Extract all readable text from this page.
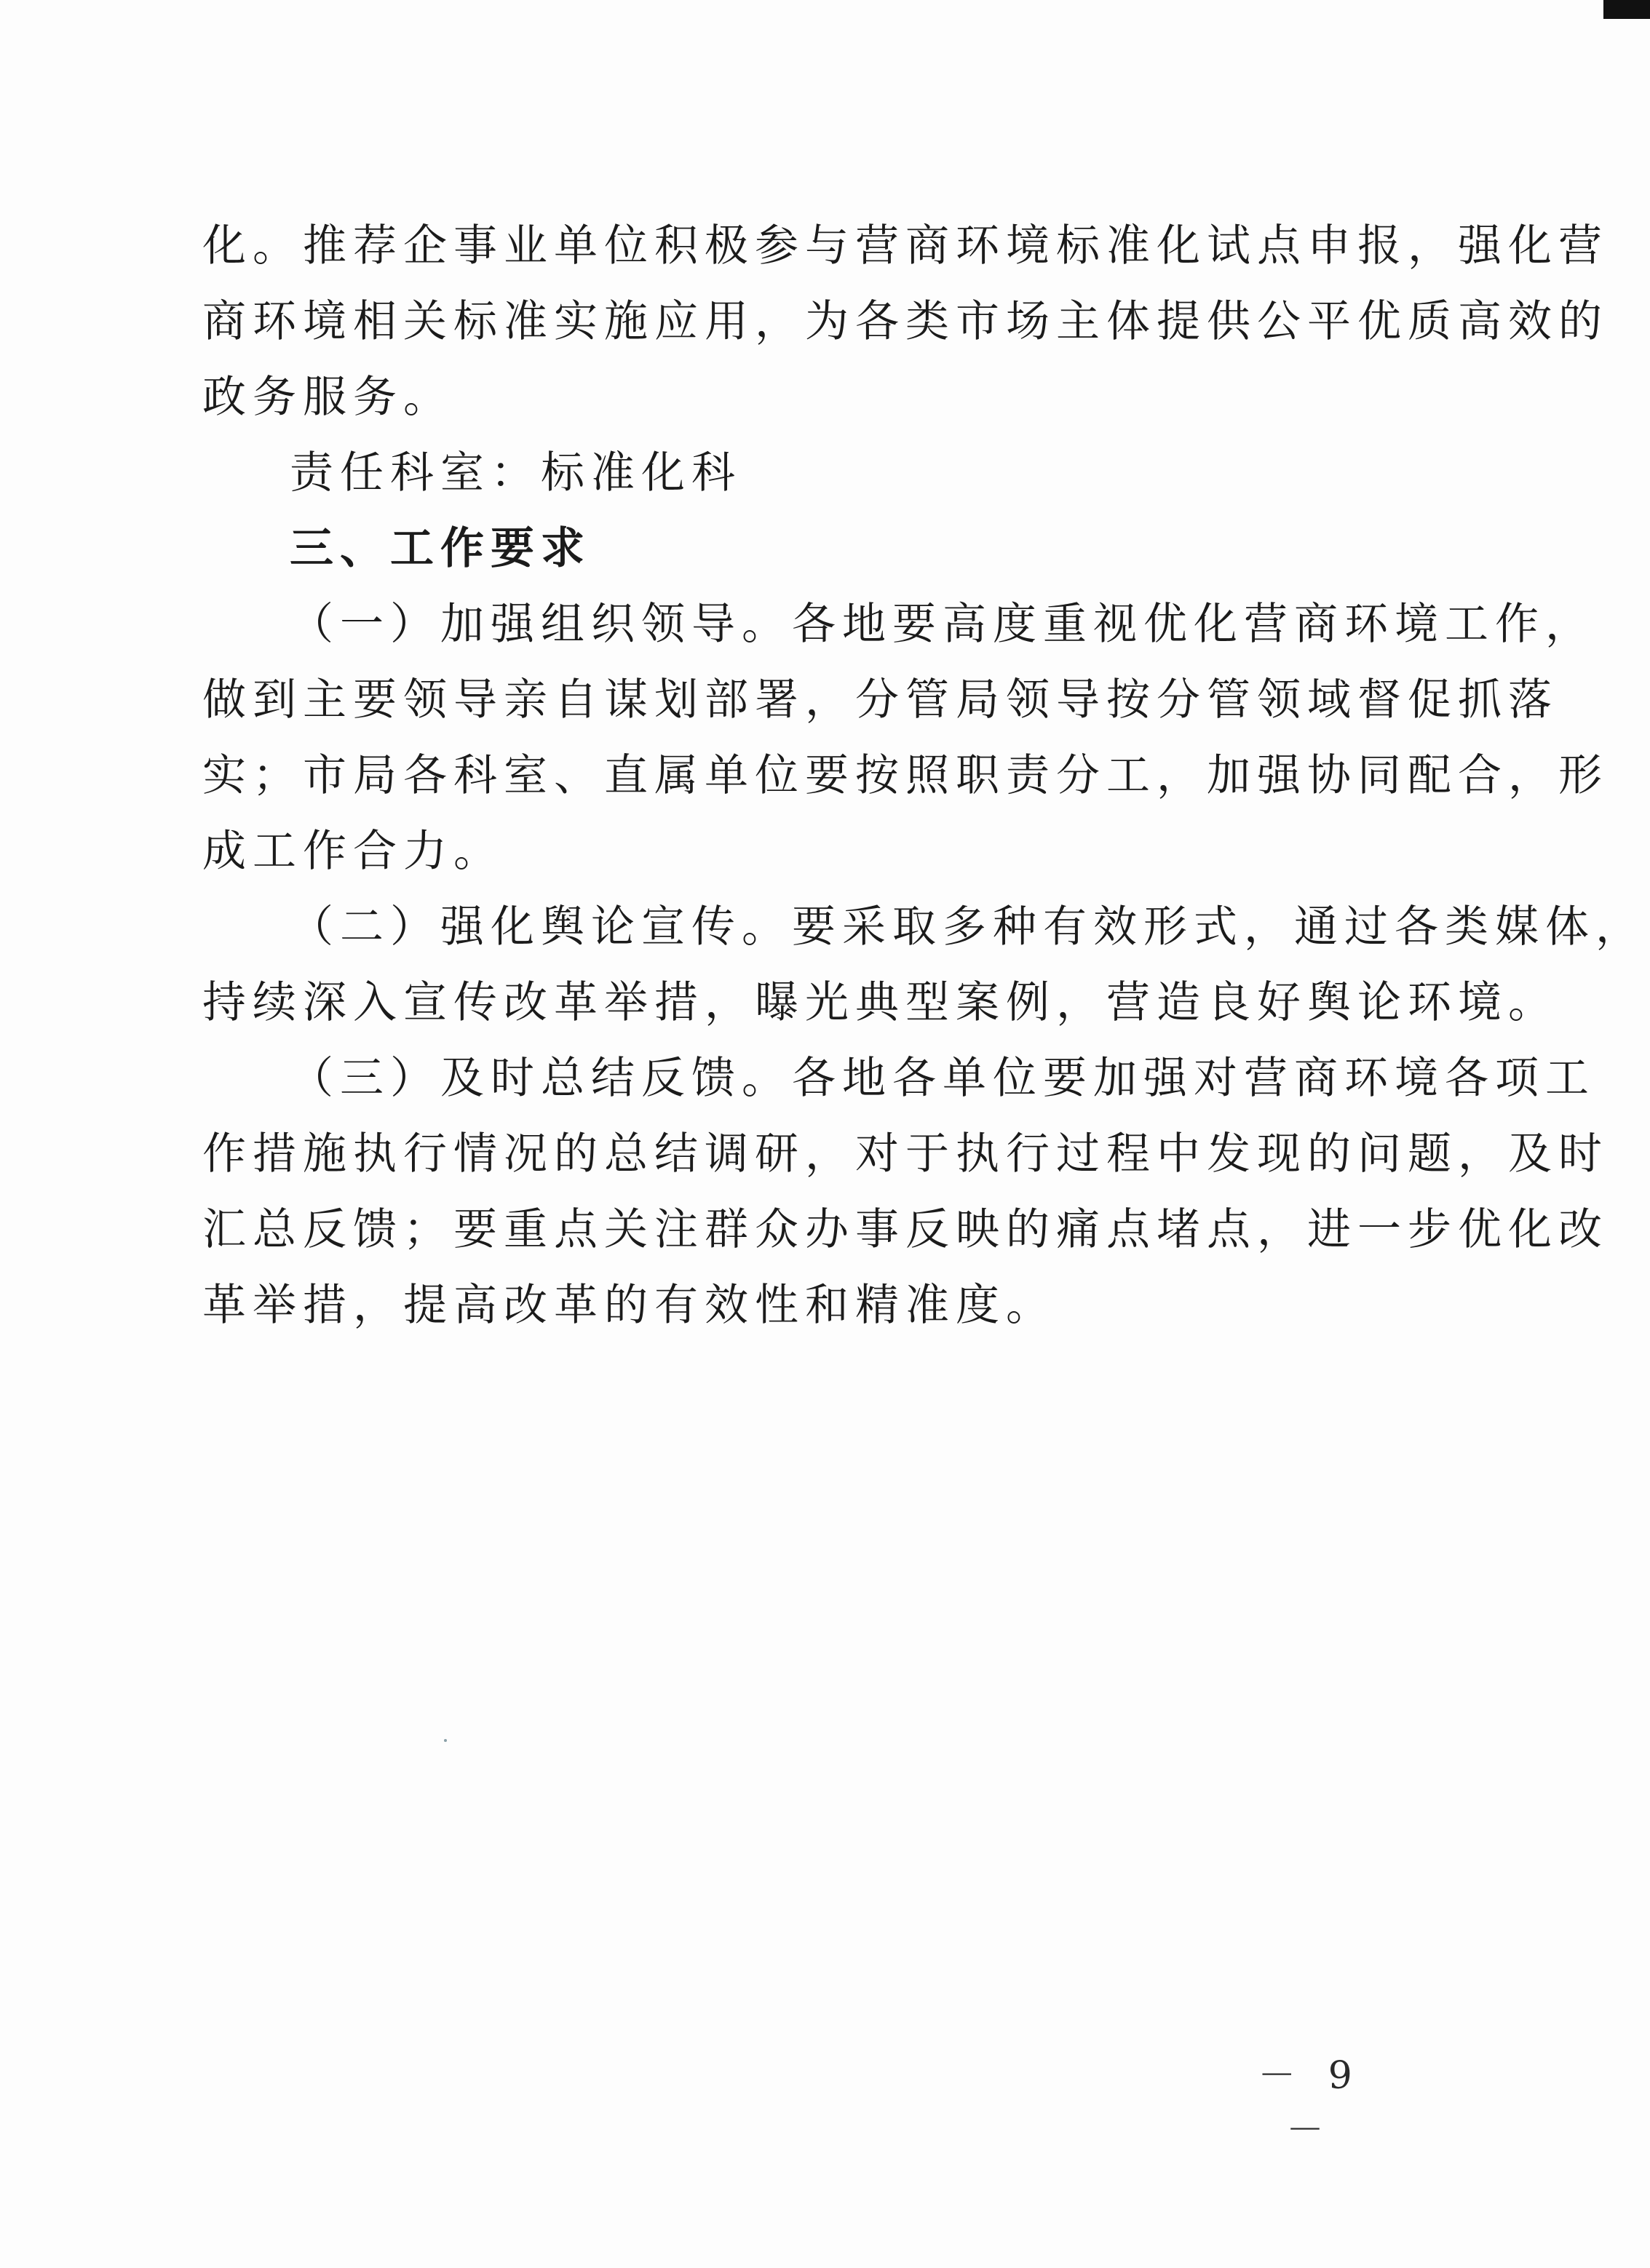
化。推荐企事业单位积极参与营商环境标准化试点申报，强化营
商环境相关标准实施应用，为各类市场主体提供公平优质高效的
政务服务。

责任科室：标准化科

三、工作要求

（一）加强组织领导。各地要高度重视优化营商环境工作，
做到主要领导亲自谋划部署，分管局领导按分管领域督促抓落
实；市局各科室、直属单位要按照职责分工，加强协同配合，形
成工作合力。

（二）强化舆论宣传。要采取多种有效形式，通过各类媒体，
持续深入宣传改革举措，曝光典型案例，营造良好舆论环境。

（三）及时总结反馈。各地各单位要加强对营商环境各项工
作措施执行情况的总结调研，对于执行过程中发现的问题，及时
汇总反馈；要重点关注群众办事反映的痛点堵点，进一步优化改
革举措，提高改革的有效性和精准度。

－ 9 －
